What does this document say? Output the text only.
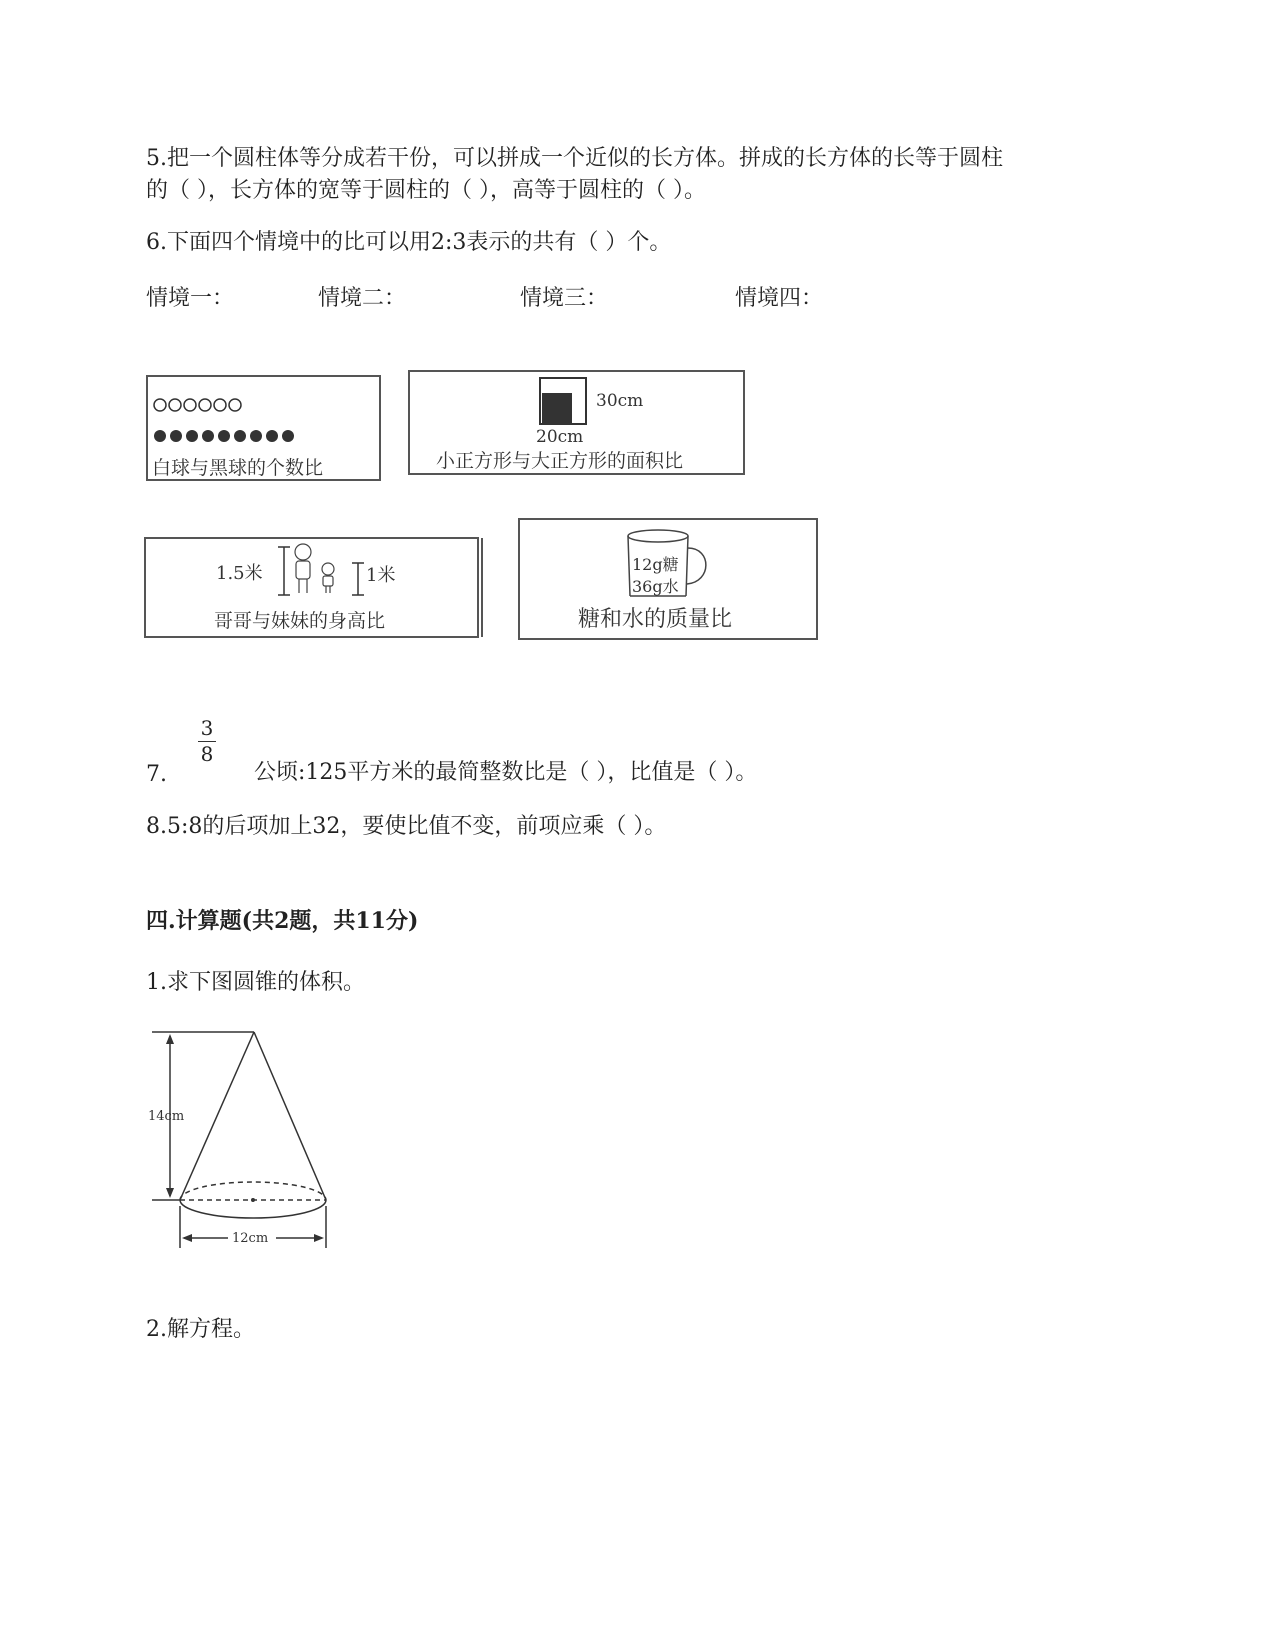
5.把一个圆柱体等分成若干份，可以拼成一个近似的长方体。拼成的长方体的长等于圆柱
的（ ），长方体的宽等于圆柱的（ ），高等于圆柱的（ ）。
6.下面四个情境中的比可以用2:3表示的共有（ ）个。
情境一：	情境二：	情境三：	情境四：
白球与黑球的个数比
30cm
20cm
小正方形与大正方形的面积比
1.5米	1米
哥哥与妹妹的身高比
12g糖
36g水
糖和水的质量比
3
8
7.	公顷:125平方米的最简整数比是（ ），比值是（ ）。
8.5:8的后项加上32，要使比值不变，前项应乘（ ）。
四.计算题(共2题，共11分)
1.求下图圆锥的体积。
14cm
12cm
2.解方程。
